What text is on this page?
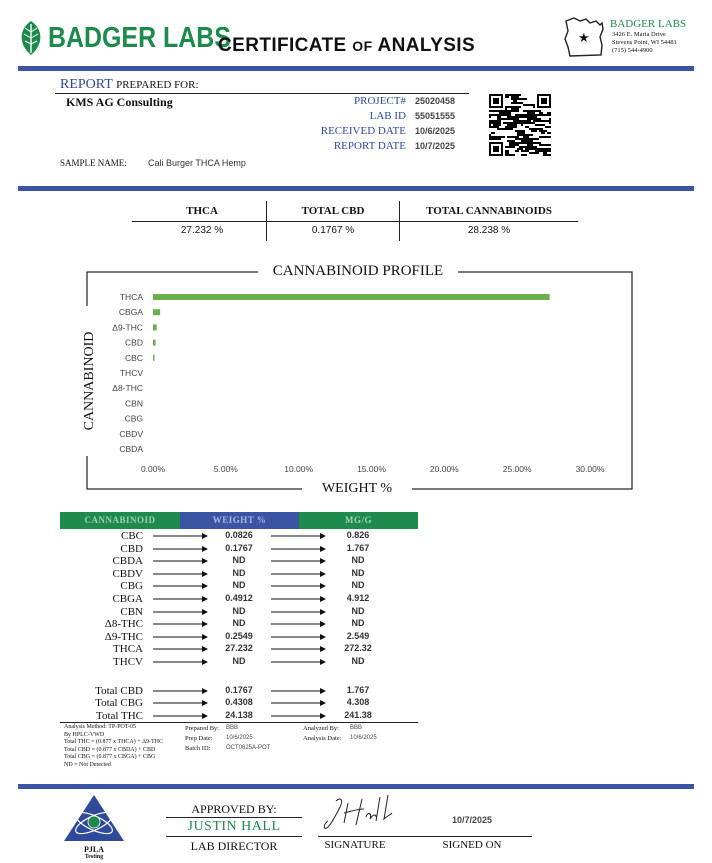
BADGER LABS
CERTIFICATE OF ANALYSIS	★
BADGER LABS
3426 E. Maria Drive
Stevens Point, WI 54481
(715) 544-4900
REPORT PREPARED FOR:
KMS AG Consulting	PROJECT# 25020458
LAB ID 55051555
RECEIVED DATE 10/6/2025
REPORT DATE 10/7/2025
SAMPLE NAME: Cali Burger THCA Hemp
THCA	TOTAL CBD	TOTAL CANNABINOIDS
27.232 %	0.1767 %	28.238 %
THCA
CBGA
Δ9-THC
CBD
CBC
THCV
Δ8-THC
CBN
CBG
CBDV
CBDA
0.00%	5.00%	10.00%	15.00%	20.00%	25.00%	30.00%
CANNABINOID PROFILE
WEIGHT %
CANNABINOID
CANNABINOID	WEIGHT %	MG/G
CBC	0.0826	0.826
CBD	0.1767	1.767
CBDA	ND	ND
CBDV	ND	ND
CBG	ND	ND
CBGA	0.4912	4.912
CBN	ND	ND
Δ8-THC	ND	ND
Δ9-THC	0.2549	2.549
THCA	27.232	272.32
THCV	ND	ND
Total CBD	0.1767	1.767
Total CBG	0.4308	4.308
Total THC	24.138	241.38
Analysis Method: TP-POT-05
By HPLC-VWD
Total THC = (0.877 x THCA) + Δ9-THC
Total CBD = (0.877 x CBDA) + CBD
Total CBG = (0.877 x CBGA) + CBG
ND = Not Detected
Prepared By: BBB
Prep Date: 10/6/2025
Batch ID:	OCT0625A-POT
Analyzed By: BBB
Analysis Date: 10/6/2025
PJLA
Testing
APPROVED BY:
JUSTIN HALL
LAB DIRECTOR	SIGNATURE
10/7/2025
SIGNED ON
